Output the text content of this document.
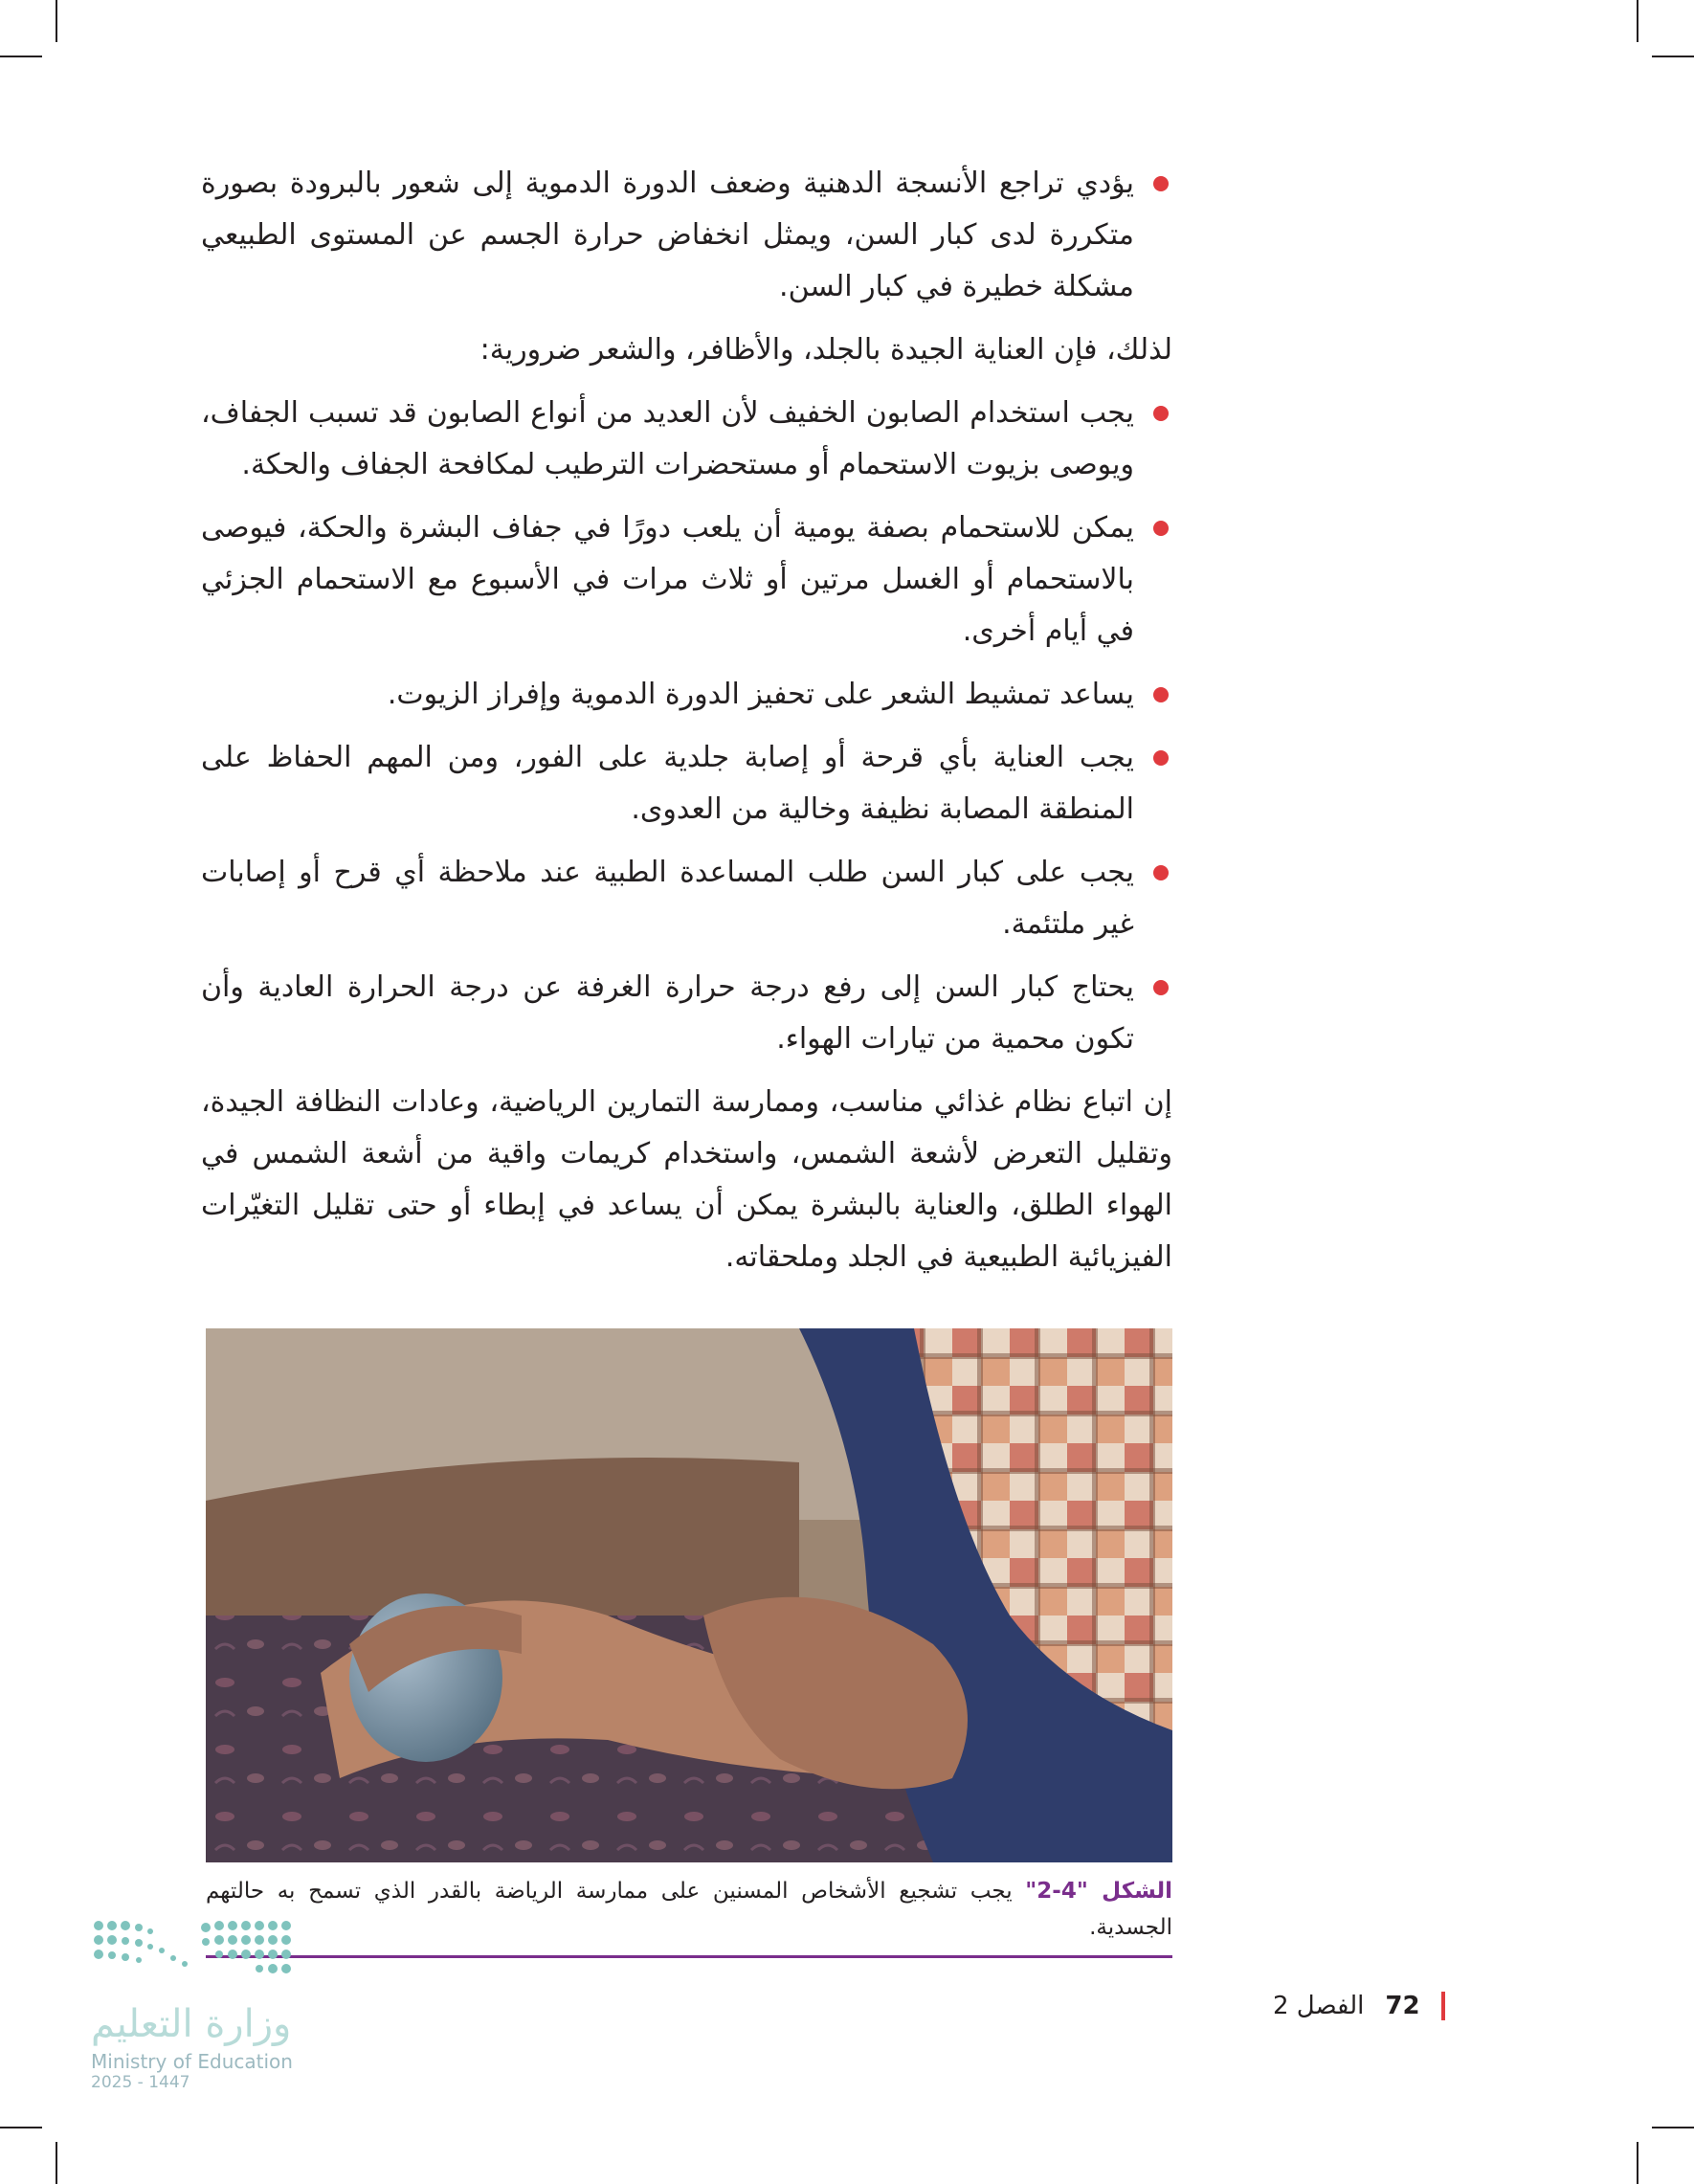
يؤدي تراجع الأنسجة الدهنية وضعف الدورة الدموية إلى شعور بالبرودة بصورة متكررة لدى كبار السن، ويمثل انخفاض حرارة الجسم عن المستوى الطبيعي مشكلة خطيرة في كبار السن.

لذلك، فإن العناية الجيدة بالجلد، والأظافر، والشعر ضرورية:

يجب استخدام الصابون الخفيف لأن العديد من أنواع الصابون قد تسبب الجفاف، ويوصى بزيوت الاستحمام أو مستحضرات الترطيب لمكافحة الجفاف والحكة.
يمكن للاستحمام بصفة يومية أن يلعب دورًا في جفاف البشرة والحكة، فيوصى بالاستحمام أو الغسل مرتين أو ثلاث مرات في الأسبوع مع الاستحمام الجزئي في أيام أخرى.
يساعد تمشيط الشعر على تحفيز الدورة الدموية وإفراز الزيوت.
يجب العناية بأي قرحة أو إصابة جلدية على الفور، ومن المهم الحفاظ على المنطقة المصابة نظيفة وخالية من العدوى.
يجب على كبار السن طلب المساعدة الطبية عند ملاحظة أي قرح أو إصابات غير ملتئمة.
يحتاج كبار السن إلى رفع درجة حرارة الغرفة عن درجة الحرارة العادية وأن تكون محمية من تيارات الهواء.

إن اتباع نظام غذائي مناسب، وممارسة التمارين الرياضية، وعادات النظافة الجيدة، وتقليل التعرض لأشعة الشمس، واستخدام كريمات واقية من أشعة الشمس في الهواء الطلق، والعناية بالبشرة يمكن أن يساعد في إبطاء أو حتى تقليل التغيّرات الفيزيائية الطبيعية في الجلد وملحقاته.

الشكل "4-2" يجب تشجيع الأشخاص المسنين على ممارسة الرياضة بالقدر الذي تسمح به حالتهم الجسدية.
72
الفصل 2
وزارة التعليم
Ministry of Education
2025 - 1447
